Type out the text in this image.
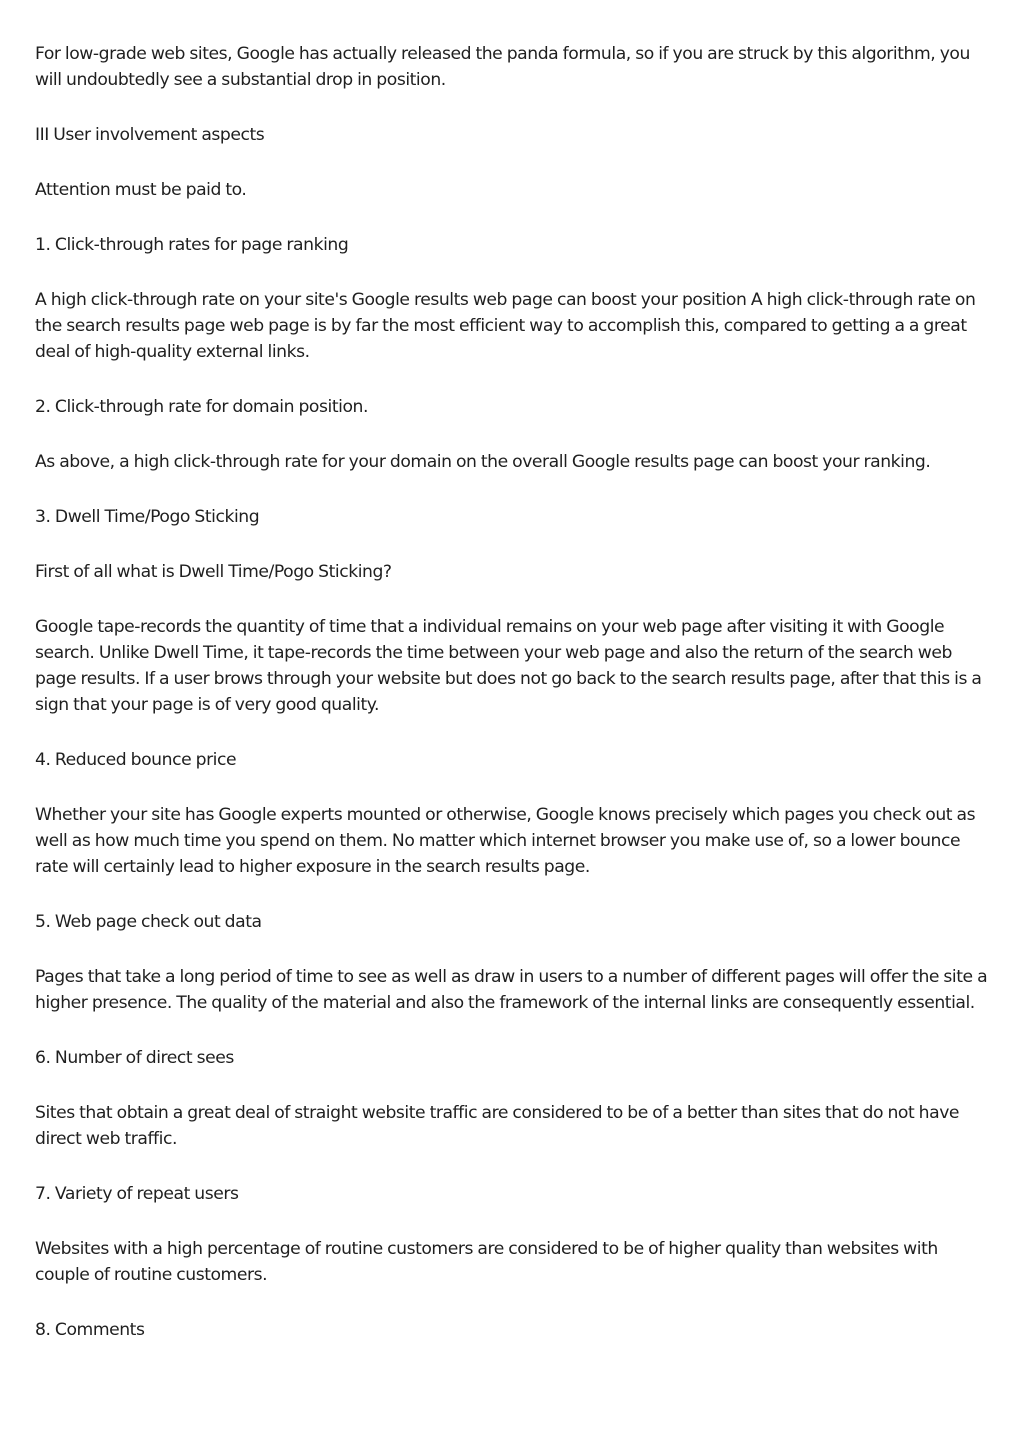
For low-grade web sites, Google has actually released the panda formula, so if you are struck by this algorithm, you will undoubtedly see a substantial drop in position.

III User involvement aspects

Attention must be paid to.

1. Click-through rates for page ranking

A high click-through rate on your site's Google results web page can boost your position A high click-through rate on the search results page web page is by far the most efficient way to accomplish this, compared to getting a a great deal of high-quality external links.

2. Click-through rate for domain position.

As above, a high click-through rate for your domain on the overall Google results page can boost your ranking.

3. Dwell Time/Pogo Sticking

First of all what is Dwell Time/Pogo Sticking?

Google tape-records the quantity of time that a individual remains on your web page after visiting it with Google search. Unlike Dwell Time, it tape-records the time between your web page and also the return of the search web page results. If a user brows through your website but does not go back to the search results page, after that this is a sign that your page is of very good quality.

4. Reduced bounce price

Whether your site has Google experts mounted or otherwise, Google knows precisely which pages you check out as well as how much time you spend on them. No matter which internet browser you make use of, so a lower bounce rate will certainly lead to higher exposure in the search results page.

5. Web page check out data

Pages that take a long period of time to see as well as draw in users to a number of different pages will offer the site a higher presence. The quality of the material and also the framework of the internal links are consequently essential.

6. Number of direct sees

Sites that obtain a great deal of straight website traffic are considered to be of a better than sites that do not have direct web traffic.

7. Variety of repeat users

Websites with a high percentage of routine customers are considered to be of higher quality than websites with couple of routine customers.

8. Comments
